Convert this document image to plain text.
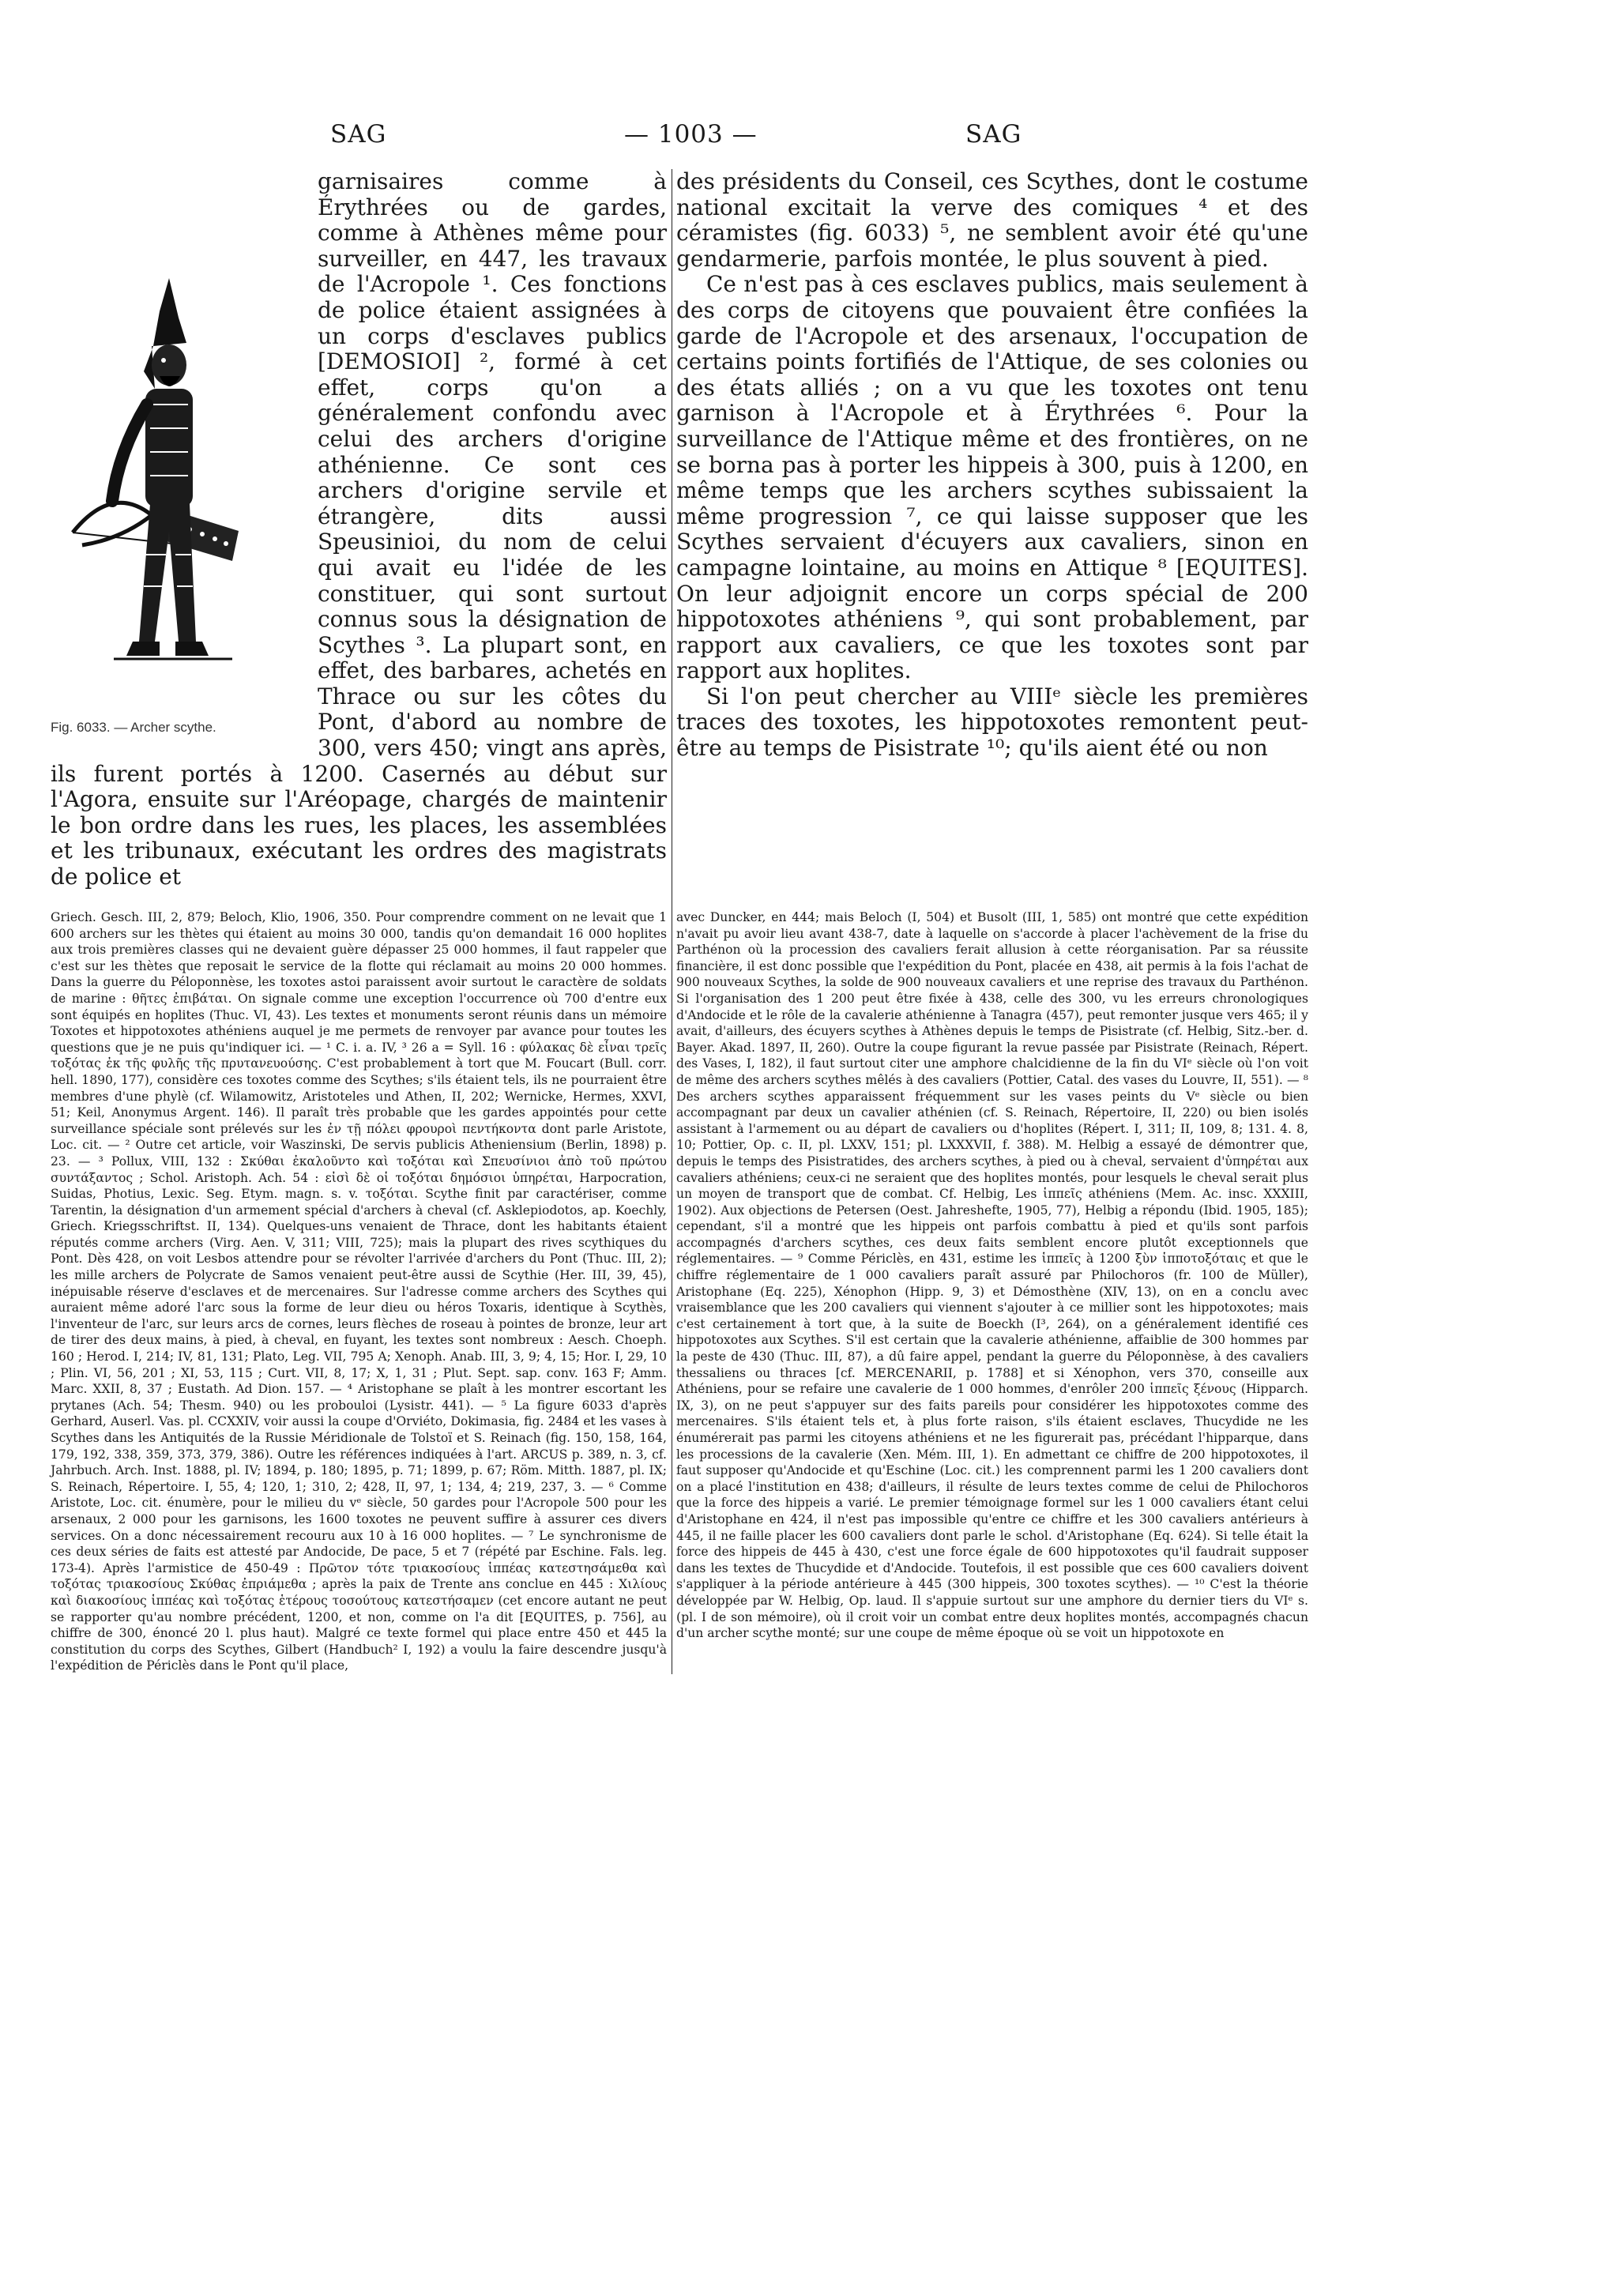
SAG	— 1003 —	SAG
Fig. 6033. — Archer scythe.

garnisaires comme à Érythrées ou de gardes, comme à Athènes même pour surveiller, en 447, les travaux de l'Acropole ¹. Ces fonctions de police étaient assignées à un corps d'esclaves publics [DEMOSIOI] ², formé à cet effet, corps qu'on a généralement confondu avec celui des archers d'origine athénienne. Ce sont ces archers d'origine servile et étrangère, dits aussi Speusinioi, du nom de celui qui avait eu l'idée de les constituer, qui sont surtout connus sous la désignation de Scythes ³. La plupart sont, en effet, des barbares, achetés en Thrace ou sur les côtes du Pont, d'abord au nombre de 300, vers 450; vingt ans après, ils furent portés à 1200. Casernés au début sur l'Agora, ensuite sur l'Aréopage, chargés de maintenir le bon ordre dans les rues, les places, les assemblées et les tribunaux, exécutant les ordres des magistrats de police et

des présidents du Conseil, ces Scythes, dont le costume national excitait la verve des comiques ⁴ et des céramistes (fig. 6033) ⁵, ne semblent avoir été qu'une gendarmerie, parfois montée, le plus souvent à pied.

Ce n'est pas à ces esclaves publics, mais seulement à des corps de citoyens que pouvaient être confiées la garde de l'Acropole et des arsenaux, l'occupation de certains points fortifiés de l'Attique, de ses colonies ou des états alliés ; on a vu que les toxotes ont tenu garnison à l'Acropole et à Érythrées ⁶. Pour la surveillance de l'Attique même et des frontières, on ne se borna pas à porter les hippeis à 300, puis à 1200, en même temps que les archers scythes subissaient la même progression ⁷, ce qui laisse supposer que les Scythes servaient d'écuyers aux cavaliers, sinon en campagne lointaine, au moins en Attique ⁸ [EQUITES]. On leur adjoignit encore un corps spécial de 200 hippotoxotes athéniens ⁹, qui sont probablement, par rapport aux cavaliers, ce que les toxotes sont par rapport aux hoplites.

Si l'on peut chercher au VIIIᵉ siècle les premières traces des toxotes, les hippotoxotes remontent peut-être au temps de Pisistrate ¹⁰; qu'ils aient été ou non

Griech. Gesch. III, 2, 879; Beloch, Klio, 1906, 350. Pour comprendre comment on ne levait que 1 600 archers sur les thètes qui étaient au moins 30 000, tandis qu'on demandait 16 000 hoplites aux trois premières classes qui ne devaient guère dépasser 25 000 hommes, il faut rappeler que c'est sur les thètes que reposait le service de la flotte qui réclamait au moins 20 000 hommes. Dans la guerre du Péloponnèse, les toxotes astoi paraissent avoir surtout le caractère de soldats de marine : θῆτες ἐπιβάται. On signale comme une exception l'occurrence où 700 d'entre eux sont équipés en hoplites (Thuc. VI, 43). Les textes et monuments seront réunis dans un mémoire Toxotes et hippotoxotes athéniens auquel je me permets de renvoyer par avance pour toutes les questions que je ne puis qu'indiquer ici. — ¹ C. i. a. IV, ³ 26 a = Syll. 16 : φύλακας δὲ εἶναι τρεῖς τοξότας ἐκ τῆς φυλῆς τῆς πρυτανευούσης. C'est probablement à tort que M. Foucart (Bull. corr. hell. 1890, 177), considère ces toxotes comme des Scythes; s'ils étaient tels, ils ne pourraient être membres d'une phylè (cf. Wilamowitz, Aristoteles und Athen, II, 202; Wernicke, Hermes, XXVI, 51; Keil, Anonymus Argent. 146). Il paraît très probable que les gardes appointés pour cette surveillance spéciale sont prélevés sur les ἐν τῇ πόλει φρουροὶ πεντήκοντα dont parle Aristote, Loc. cit. — ² Outre cet article, voir Waszinski, De servis publicis Atheniensium (Berlin, 1898) p. 23. — ³ Pollux, VIII, 132 : Σκύθαι ἐκαλοῦντο καὶ τοξόται καὶ Σπευσίνιοι ἀπὸ τοῦ πρώτου συντάξαντος ; Schol. Aristoph. Ach. 54 : εἰσὶ δὲ οἱ τοξόται δημόσιοι ὑπηρέται, Harpocration, Suidas, Photius, Lexic. Seg. Etym. magn. s. v. τοξόται. Scythe finit par caractériser, comme Tarentin, la désignation d'un armement spécial d'archers à cheval (cf. Asklepiodotos, ap. Koechly, Griech. Kriegsschriftst. II, 134). Quelques-uns venaient de Thrace, dont les habitants étaient réputés comme archers (Virg. Aen. V, 311; VIII, 725); mais la plupart des rives scythiques du Pont. Dès 428, on voit Lesbos attendre pour se révolter l'arrivée d'archers du Pont (Thuc. III, 2); les mille archers de Polycrate de Samos venaient peut-être aussi de Scythie (Her. III, 39, 45), inépuisable réserve d'esclaves et de mercenaires. Sur l'adresse comme archers des Scythes qui auraient même adoré l'arc sous la forme de leur dieu ou héros Toxaris, identique à Scythès, l'inventeur de l'arc, sur leurs arcs de cornes, leurs flèches de roseau à pointes de bronze, leur art de tirer des deux mains, à pied, à cheval, en fuyant, les textes sont nombreux : Aesch. Choeph. 160 ; Herod. I, 214; IV, 81, 131; Plato, Leg. VII, 795 A; Xenoph. Anab. III, 3, 9; 4, 15; Hor. I, 29, 10 ; Plin. VI, 56, 201 ; XI, 53, 115 ; Curt. VII, 8, 17; X, 1, 31 ; Plut. Sept. sap. conv. 163 F; Amm. Marc. XXII, 8, 37 ; Eustath. Ad Dion. 157. — ⁴ Aristophane se plaît à les montrer escortant les prytanes (Ach. 54; Thesm. 940) ou les probouloi (Lysistr. 441). — ⁵ La figure 6033 d'après Gerhard, Auserl. Vas. pl. CCXXIV, voir aussi la coupe d'Orviéto, Dokimasia, fig. 2484 et les vases à Scythes dans les Antiquités de la Russie Méridionale de Tolstoï et S. Reinach (fig. 150, 158, 164, 179, 192, 338, 359, 373, 379, 386). Outre les références indiquées à l'art. ARCUS p. 389, n. 3, cf. Jahrbuch. Arch. Inst. 1888, pl. IV; 1894, p. 180; 1895, p. 71; 1899, p. 67; Röm. Mitth. 1887, pl. IX; S. Reinach, Répertoire. I, 55, 4; 120, 1; 310, 2; 428, II, 97, 1; 134, 4; 219, 237, 3. — ⁶ Comme Aristote, Loc. cit. énumère, pour le milieu du vᵉ siècle, 50 gardes pour l'Acropole 500 pour les arsenaux, 2 000 pour les garnisons, les 1600 toxotes ne peuvent suffire à assurer ces divers services. On a donc nécessairement recouru aux 10 à 16 000 hoplites. — ⁷ Le synchronisme de ces deux séries de faits est attesté par Andocide, De pace, 5 et 7 (répété par Eschine. Fals. leg. 173-4). Après l'armistice de 450-49 : Πρῶτον τότε τριακοσίους ἱππέας κατεστησάμεθα καὶ τοξότας τριακοσίους Σκύθας ἐπριάμεθα ; après la paix de Trente ans conclue en 445 : Χιλίους καὶ διακοσίους ἱππέας καὶ τοξότας ἑτέρους τοσούτους κατεστήσαμεν (cet encore autant ne peut se rapporter qu'au nombre précédent, 1200, et non, comme on l'a dit [EQUITES, p. 756], au chiffre de 300, énoncé 20 l. plus haut). Malgré ce texte formel qui place entre 450 et 445 la constitution du corps des Scythes, Gilbert (Handbuch² I, 192) a voulu la faire descendre jusqu'à l'expédition de Périclès dans le Pont qu'il place,

avec Duncker, en 444; mais Beloch (I, 504) et Busolt (III, 1, 585) ont montré que cette expédition n'avait pu avoir lieu avant 438-7, date à laquelle on s'accorde à placer l'achèvement de la frise du Parthénon où la procession des cavaliers ferait allusion à cette réorganisation. Par sa réussite financière, il est donc possible que l'expédition du Pont, placée en 438, ait permis à la fois l'achat de 900 nouveaux Scythes, la solde de 900 nouveaux cavaliers et une reprise des travaux du Parthénon. Si l'organisation des 1 200 peut être fixée à 438, celle des 300, vu les erreurs chronologiques d'Andocide et le rôle de la cavalerie athénienne à Tanagra (457), peut remonter jusque vers 465; il y avait, d'ailleurs, des écuyers scythes à Athènes depuis le temps de Pisistrate (cf. Helbig, Sitz.-ber. d. Bayer. Akad. 1897, II, 260). Outre la coupe figurant la revue passée par Pisistrate (Reinach, Répert. des Vases, I, 182), il faut surtout citer une amphore chalcidienne de la fin du VIᵉ siècle où l'on voit de même des archers scythes mêlés à des cavaliers (Pottier, Catal. des vases du Louvre, II, 551). — ⁸ Des archers scythes apparaissent fréquemment sur les vases peints du Vᵉ siècle ou bien accompagnant par deux un cavalier athénien (cf. S. Reinach, Répertoire, II, 220) ou bien isolés assistant à l'armement ou au départ de cavaliers ou d'hoplites (Répert. I, 311; II, 109, 8; 131. 4. 8, 10; Pottier, Op. c. II, pl. LXXV, 151; pl. LXXXVII, f. 388). M. Helbig a essayé de démontrer que, depuis le temps des Pisistratides, des archers scythes, à pied ou à cheval, servaient d'ὑπηρέται aux cavaliers athéniens; ceux-ci ne seraient que des hoplites montés, pour lesquels le cheval serait plus un moyen de transport que de combat. Cf. Helbig, Les ἱππεῖς athéniens (Mem. Ac. insc. XXXIII, 1902). Aux objections de Petersen (Oest. Jahreshefte, 1905, 77), Helbig a répondu (Ibid. 1905, 185); cependant, s'il a montré que les hippeis ont parfois combattu à pied et qu'ils sont parfois accompagnés d'archers scythes, ces deux faits semblent encore plutôt exceptionnels que réglementaires. — ⁹ Comme Périclès, en 431, estime les ἱππεῖς à 1200 ξὺν ἱπποτοξόταις et que le chiffre réglementaire de 1 000 cavaliers paraît assuré par Philochoros (fr. 100 de Müller), Aristophane (Eq. 225), Xénophon (Hipp. 9, 3) et Démosthène (XIV, 13), on en a conclu avec vraisemblance que les 200 cavaliers qui viennent s'ajouter à ce millier sont les hippotoxotes; mais c'est certainement à tort que, à la suite de Boeckh (I³, 264), on a généralement identifié ces hippotoxotes aux Scythes. S'il est certain que la cavalerie athénienne, affaiblie de 300 hommes par la peste de 430 (Thuc. III, 87), a dû faire appel, pendant la guerre du Péloponnèse, à des cavaliers thessaliens ou thraces [cf. MERCENARII, p. 1788] et si Xénophon, vers 370, conseille aux Athéniens, pour se refaire une cavalerie de 1 000 hommes, d'enrôler 200 ἱππεῖς ξένους (Hipparch. IX, 3), on ne peut s'appuyer sur des faits pareils pour considérer les hippotoxotes comme des mercenaires. S'ils étaient tels et, à plus forte raison, s'ils étaient esclaves, Thucydide ne les énumérerait pas parmi les citoyens athéniens et ne les figurerait pas, précédant l'hipparque, dans les processions de la cavalerie (Xen. Mém. III, 1). En admettant ce chiffre de 200 hippotoxotes, il faut supposer qu'Andocide et qu'Eschine (Loc. cit.) les comprennent parmi les 1 200 cavaliers dont on a placé l'institution en 438; d'ailleurs, il résulte de leurs textes comme de celui de Philochoros que la force des hippeis a varié. Le premier témoignage formel sur les 1 000 cavaliers étant celui d'Aristophane en 424, il n'est pas impossible qu'entre ce chiffre et les 300 cavaliers antérieurs à 445, il ne faille placer les 600 cavaliers dont parle le schol. d'Aristophane (Eq. 624). Si telle était la force des hippeis de 445 à 430, c'est une force égale de 600 hippotoxotes qu'il faudrait supposer dans les textes de Thucydide et d'Andocide. Toutefois, il est possible que ces 600 cavaliers doivent s'appliquer à la période antérieure à 445 (300 hippeis, 300 toxotes scythes). — ¹⁰ C'est la théorie développée par W. Helbig, Op. laud. Il s'appuie surtout sur une amphore du dernier tiers du VIᵉ s. (pl. I de son mémoire), où il croit voir un combat entre deux hoplites montés, accompagnés chacun d'un archer scythe monté; sur une coupe de même époque où se voit un hippotoxote en
